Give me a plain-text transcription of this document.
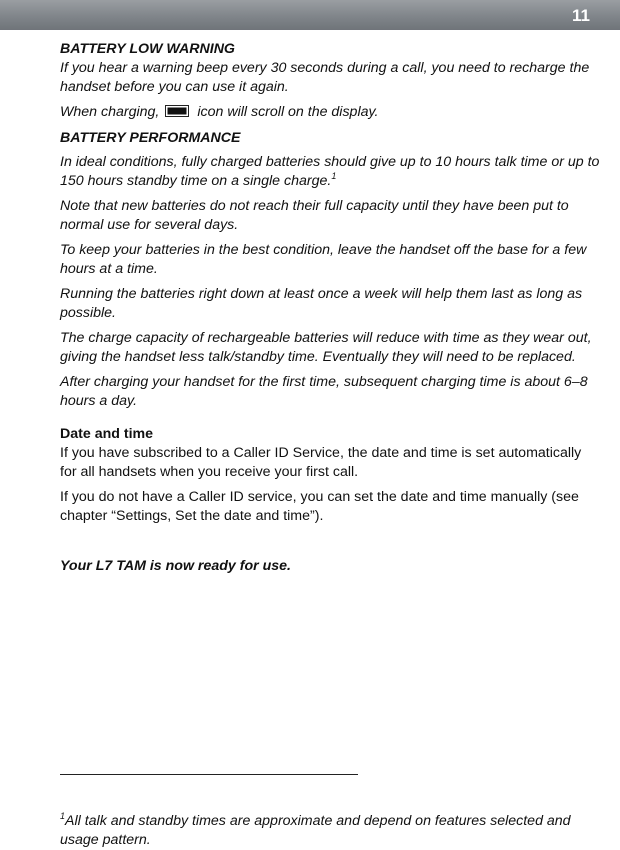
11
BATTERY LOW WARNING

If you hear a warning beep every 30 seconds during a call, you need to recharge the handset before you can use it again.

When charging,	icon will scroll on the display.

BATTERY PERFORMANCE

In ideal conditions, fully charged batteries should give up to 10 hours talk time or up to 150 hours standby time on a single charge.$^1$

Note that new batteries do not reach their full capacity until they have been put to normal use for several days.

To keep your batteries in the best condition, leave the handset off the base for a few hours at a time.

Running the batteries right down at least once a week will help them last as long as possible.

The charge capacity of rechargeable batteries will reduce with time as they wear out, giving the handset less talk/standby time. Eventually they will need to be replaced.

After charging your handset for the first time, subsequent charging time is about 6–8 hours a day.

Date and time

If you have subscribed to a Caller ID Service, the date and time is set automatically for all handsets when you receive your first call.

If you do not have a Caller ID service, you can set the date and time manually (see chapter “Settings, Set the date and time”).

Your L7 TAM is now ready for use.
$^1$All talk and standby times are approximate and depend on features selected and usage pattern.
